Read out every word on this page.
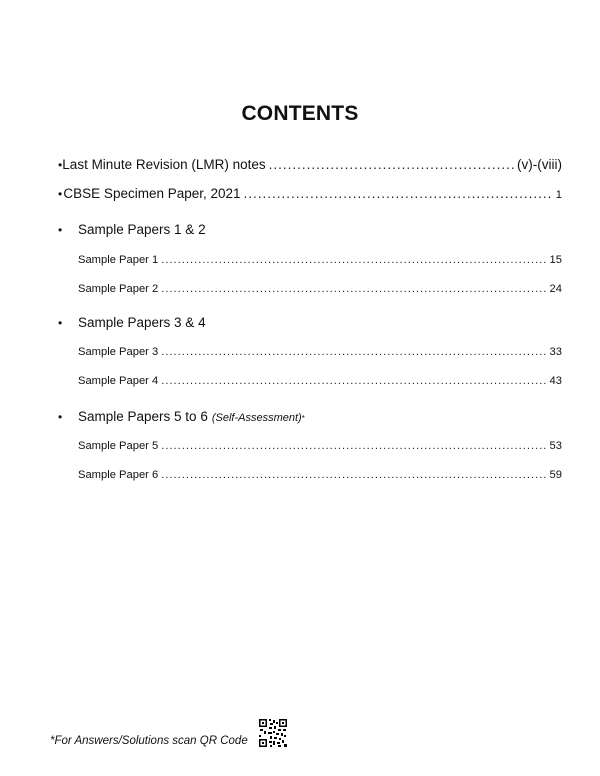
CONTENTS
• Last Minute Revision (LMR) notes .....	(v)-(viii)
• CBSE Specimen Paper, 2021 .....	1
•	Sample Papers 1 & 2
Sample Paper 1 .....	15
Sample Paper 2 .....	24
•	Sample Papers 3 & 4
Sample Paper 3 .....	33
Sample Paper 4 .....	43
•	Sample Papers 5 to 6 (Self-Assessment) *
Sample Paper 5 .....	53
Sample Paper 6 .....	59
*For Answers/Solutions scan QR Code
